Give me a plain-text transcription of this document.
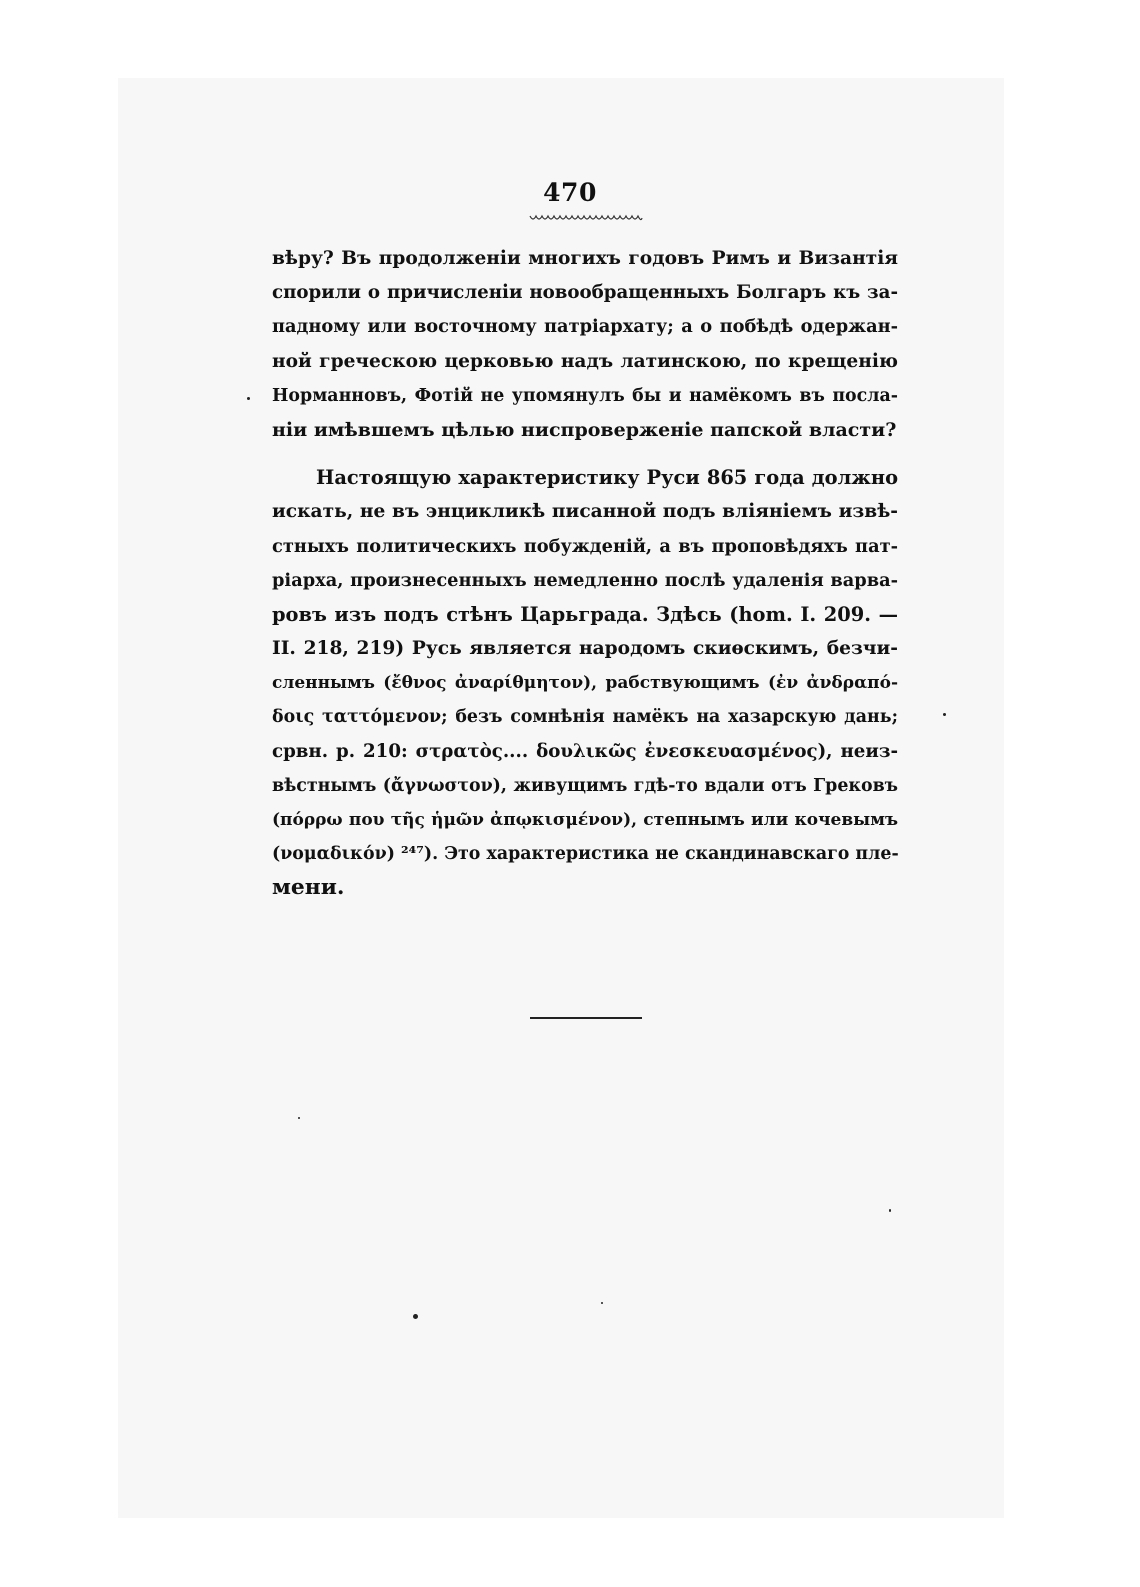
470
вѣру? Въ продолженіи многихъ годовъ Римъ и Византія
спорили о причисленіи новообращенныхъ Болгаръ къ за-
падному или восточному патріархату; а о побѣдѣ одержан-
ной греческою церковью надъ латинскою, по крещенію
Норманновъ, Фотій не упомянулъ бы и намёкомъ въ посла-
ніи имѣвшемъ цѣлью ниспроверженіе папской власти?
Настоящую характеристику Руси 865 года должно
искать, не въ энцикликѣ писанной подъ вліяніемъ извѣ-
стныхъ политическихъ побужденій, а въ проповѣдяхъ пат-
ріарха, произнесенныхъ немедленно послѣ удаленія варва-
ровъ изъ подъ стѣнъ Царьграда. Здѣсь (hom. I. 209. —
II. 218, 219) Русь является народомъ скиѳскимъ, безчи-
сленнымъ (ἔθνος ἀναρίθμητον), рабствующимъ (ἐν ἀνδραπό-
δοις ταττόμενον; безъ сомнѣнія намёкъ на хазарскую дань;
срвн. р. 210: στρατὸς.... δουλικῶς ἐνεσκευασμένος), неиз-
вѣстнымъ (ἄγνωστον), живущимъ гдѣ-то вдали отъ Грековъ
(πόρρω που τῆς ἡμῶν ἀπῳκισμένον), степнымъ или кочевымъ
(νομαδικόν) ²⁴⁷). Это характеристика не скандинавскаго пле-
мени.
